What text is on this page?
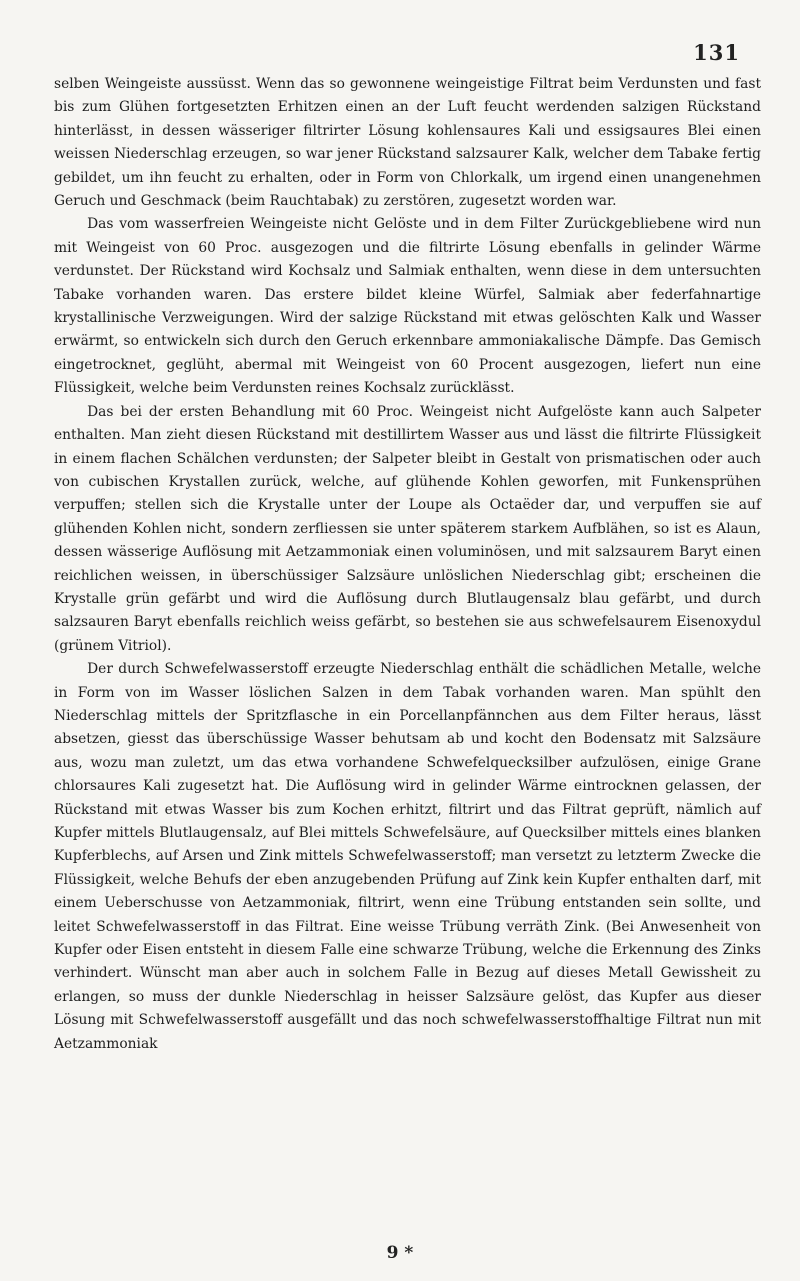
131

selben Weingeiste aussüsst. Wenn das so gewonnene weingeistige Filtrat beim Verdunsten und fast bis zum Glühen fortgesetzten Erhitzen einen an der Luft feucht werdenden salzigen Rückstand hinterlässt, in dessen wässeriger filtrirter Lösung kohlensaures Kali und essigsaures Blei einen weissen Niederschlag erzeugen, so war jener Rückstand salzsaurer Kalk, welcher dem Tabake fertig gebildet, um ihn feucht zu erhalten, oder in Form von Chlorkalk, um irgend einen unangenehmen Geruch und Geschmack (beim Rauchtabak) zu zerstören, zugesetzt worden war.

Das vom wasserfreien Weingeiste nicht Gelöste und in dem Filter Zurückgebliebene wird nun mit Weingeist von 60 Proc. ausgezogen und die filtrirte Lösung ebenfalls in gelinder Wärme verdunstet. Der Rückstand wird Kochsalz und Salmiak enthalten, wenn diese in dem untersuchten Tabake vorhanden waren. Das erstere bildet kleine Würfel, Salmiak aber federfahnartige krystallinische Verzweigungen. Wird der salzige Rückstand mit etwas gelöschten Kalk und Wasser erwärmt, so entwickeln sich durch den Geruch erkennbare ammoniakalische Dämpfe. Das Gemisch eingetrocknet, geglüht, abermal mit Weingeist von 60 Procent ausgezogen, liefert nun eine Flüssigkeit, welche beim Verdunsten reines Kochsalz zurücklässt.

Das bei der ersten Behandlung mit 60 Proc. Weingeist nicht Aufgelöste kann auch Salpeter enthalten. Man zieht diesen Rückstand mit destillirtem Wasser aus und lässt die filtrirte Flüssigkeit in einem flachen Schälchen verdunsten; der Salpeter bleibt in Gestalt von prismatischen oder auch von cubischen Krystallen zurück, welche, auf glühende Kohlen geworfen, mit Funkensprühen verpuffen; stellen sich die Krystalle unter der Loupe als Octaëder dar, und verpuffen sie auf glühenden Kohlen nicht, sondern zerfliessen sie unter späterem starkem Aufblähen, so ist es Alaun, dessen wässerige Auflösung mit Aetzammoniak einen voluminösen, und mit salzsaurem Baryt einen reichlichen weissen, in überschüssiger Salzsäure unlöslichen Niederschlag gibt; erscheinen die Krystalle grün gefärbt und wird die Auflösung durch Blutlaugensalz blau gefärbt, und durch salzsauren Baryt ebenfalls reichlich weiss gefärbt, so bestehen sie aus schwefelsaurem Eisenoxydul (grünem Vitriol).

Der durch Schwefelwasserstoff erzeugte Niederschlag enthält die schädlichen Metalle, welche in Form von im Wasser löslichen Salzen in dem Tabak vorhanden waren. Man spühlt den Niederschlag mittels der Spritzflasche in ein Porcellanpfännchen aus dem Filter heraus, lässt absetzen, giesst das überschüssige Wasser behutsam ab und kocht den Bodensatz mit Salzsäure aus, wozu man zuletzt, um das etwa vorhandene Schwefelquecksilber aufzulösen, einige Grane chlorsaures Kali zugesetzt hat. Die Auflösung wird in gelinder Wärme eintrocknen gelassen, der Rückstand mit etwas Wasser bis zum Kochen erhitzt, filtrirt und das Filtrat geprüft, nämlich auf Kupfer mittels Blutlaugensalz, auf Blei mittels Schwefelsäure, auf Quecksilber mittels eines blanken Kupferblechs, auf Arsen und Zink mittels Schwefelwasserstoff; man versetzt zu letzterm Zwecke die Flüssigkeit, welche Behufs der eben anzugebenden Prüfung auf Zink kein Kupfer enthalten darf, mit einem Ueberschusse von Aetzammoniak, filtrirt, wenn eine Trübung entstanden sein sollte, und leitet Schwefelwasserstoff in das Filtrat. Eine weisse Trübung verräth Zink. (Bei Anwesenheit von Kupfer oder Eisen entsteht in diesem Falle eine schwarze Trübung, welche die Erkennung des Zinks verhindert. Wünscht man aber auch in solchem Falle in Bezug auf dieses Metall Gewissheit zu erlangen, so muss der dunkle Niederschlag in heisser Salzsäure gelöst, das Kupfer aus dieser Lösung mit Schwefelwasserstoff ausgefällt und das noch schwefelwasserstoffhaltige Filtrat nun mit Aetzammoniak

9 *
